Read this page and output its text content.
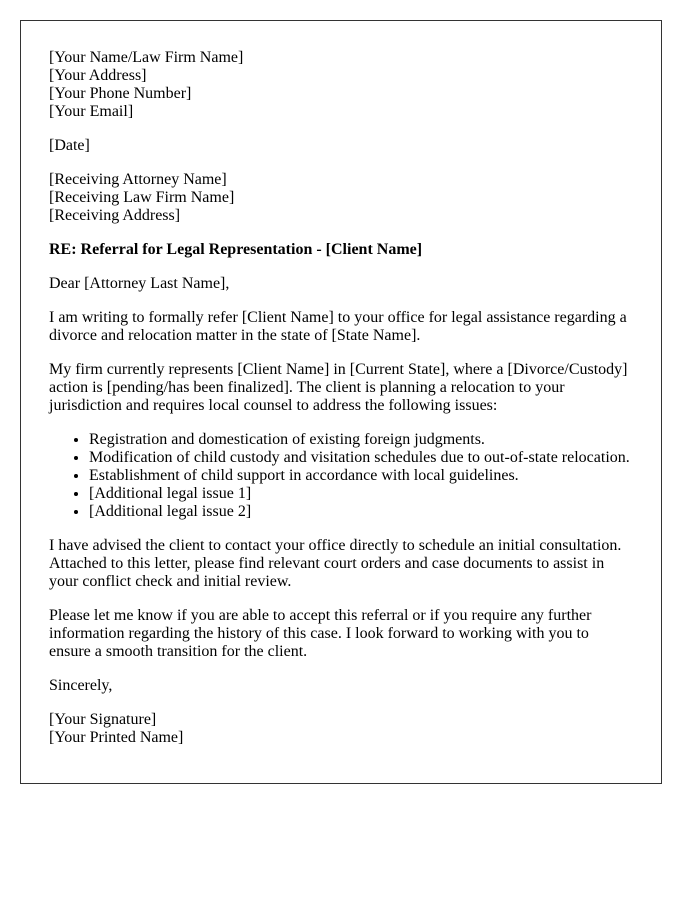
[Your Name/Law Firm Name]
[Your Address]
[Your Phone Number]
[Your Email]

[Date]

[Receiving Attorney Name]
[Receiving Law Firm Name]
[Receiving Address]

RE: Referral for Legal Representation - [Client Name]

Dear [Attorney Last Name],

I am writing to formally refer [Client Name] to your office for legal assistance regarding a divorce and relocation matter in the state of [State Name].

My firm currently represents [Client Name] in [Current State], where a [Divorce/Custody] action is [pending/has been finalized]. The client is planning a relocation to your jurisdiction and requires local counsel to address the following issues:

• Registration and domestication of existing foreign judgments.
• Modification of child custody and visitation schedules due to out-of-state relocation.
• Establishment of child support in accordance with local guidelines.
• [Additional legal issue 1]
• [Additional legal issue 2]

I have advised the client to contact your office directly to schedule an initial consultation. Attached to this letter, please find relevant court orders and case documents to assist in your conflict check and initial review.

Please let me know if you are able to accept this referral or if you require any further information regarding the history of this case. I look forward to working with you to ensure a smooth transition for the client.

Sincerely,

[Your Signature]
[Your Printed Name]
